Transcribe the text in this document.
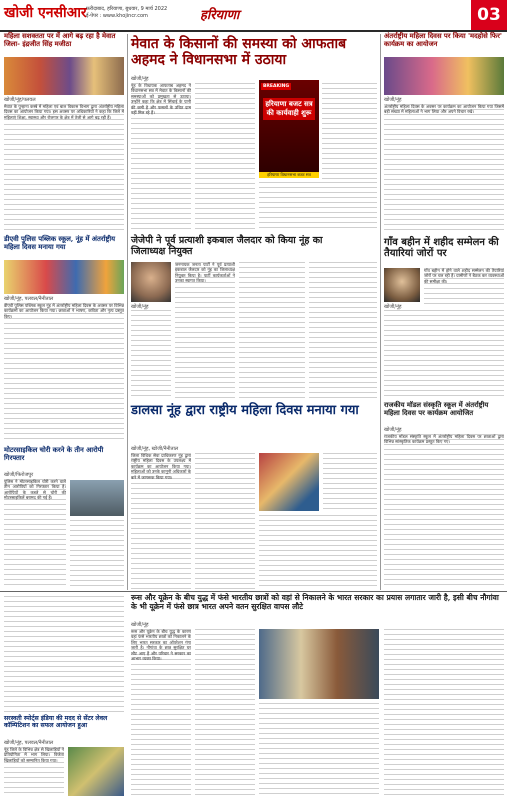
खोजी एनसीआर फरीदाबाद, हरियाणा, बुधवार, 9 मार्च 2022
ई-पेपर : www.khojincr.com	हरियाणा	03
महिला सशक्तता पर में आगे बढ़ रहा है मेवात जिला- इंद्रजीत सिंह मजीठा
खोजी/नूंह/पलवल
मेवात के पुन्हाना कस्बे में महिला एवं बाल विकास विभाग द्वारा अंतर्राष्ट्रीय महिला दिवस का आयोजन किया गया। इस अवसर पर अधिकारियों ने कहा कि जिले में महिलाएं शिक्षा, स्वास्थ्य और रोजगार के क्षेत्र में तेजी से आगे बढ़ रही हैं।
डीएवी पुलिस पब्लिक स्कूल, नूंह में अंतर्राष्ट्रीय महिला दिवस मनाया गया
खोजी/नूंह, पलवल/नैनीताल
डीएवी पुलिस पब्लिक स्कूल नूंह में अंतर्राष्ट्रीय महिला दिवस के अवसर पर विभिन्न कार्यक्रमों का आयोजन किया गया। छात्राओं ने भाषण, कविता और नृत्य प्रस्तुत किए।
मोटरसाइकिल चोरी करने के तीन आरोपी गिरफ्तार
खोजी/फिरोजपुर
पुलिस ने मोटरसाइकिल चोरी करने वाले तीन आरोपियों को गिरफ्तार किया है। आरोपियों के कब्जे से चोरी की मोटरसाइकिलें बरामद की गई हैं।
मेवात के किसानों की समस्या को आफताब अहमद ने विधानसभा में उठाया
खोजी/नूंह
नूंह के विधायक आफताब अहमद ने विधानसभा सत्र में मेवात के किसानों की समस्याओं को प्रमुखता से उठाया। उन्होंने कहा कि क्षेत्र में सिंचाई के पानी की कमी है और फसलों के उचित दाम नहीं मिल रहे हैं।
BREAKING
हरियाणा बजट सत्र की कार्यवाही शुरू
हरियाणा विधानसभा बजट सत्र
जेजेपी ने पूर्व प्रत्याशी इकबाल जैलदार को किया नूंह का जिलाध्यक्ष नियुक्त
खोजी/नूंह
जननायक जनता पार्टी ने पूर्व प्रत्याशी इकबाल जैलदार को नूंह का जिलाध्यक्ष नियुक्त किया है। पार्टी कार्यकर्ताओं ने उनका स्वागत किया।
डालसा नूंह द्वारा राष्ट्रीय महिला दिवस मनाया गया
खोजी/नूंह, खोजी/नैनीताल
जिला विधिक सेवा प्राधिकरण नूंह द्वारा राष्ट्रीय महिला दिवस के उपलक्ष्य में कार्यक्रम का आयोजन किया गया। महिलाओं को उनके कानूनी अधिकारों के बारे में जागरूक किया गया।
अंतर्राष्ट्रीय महिला दिवस पर किया 'मदहोसे फिर' कार्यक्रम का आयोजन
खोजी/नूंह
अंतर्राष्ट्रीय महिला दिवस के अवसर पर कार्यक्रम का आयोजन किया गया जिसमें बड़ी संख्या में महिलाओं ने भाग लिया और अपने विचार रखे।
गाँव बहीन में शहीद सम्मेलन की तैयारियां जोरों पर
खोजी/नूंह
गाँव बहीन में होने वाले शहीद सम्मेलन की तैयारियां जोरों पर चल रही हैं। ग्रामीणों ने बैठक कर व्यवस्थाओं की समीक्षा की।
राजकीय मॉडल संस्कृति स्कूल में अंतर्राष्ट्रीय महिला दिवस पर कार्यक्रम आयोजित
खोजी/नूंह
राजकीय मॉडल संस्कृति स्कूल में अंतर्राष्ट्रीय महिला दिवस पर छात्राओं द्वारा विभिन्न सांस्कृतिक कार्यक्रम प्रस्तुत किए गए।
रूस और यूक्रेन के बीच युद्ध में फंसे भारतीय छात्रों को वहां से निकालने के भारत सरकार का प्रयास लगातार जारी है, इसी बीच नौगांवा के भी यूक्रेन में फंसे छात्र भारत अपने वतन सुरक्षित वापस लौटे
खोजी/नूंह
रूस और यूक्रेन के बीच युद्ध के कारण वहां फंसे भारतीय छात्रों को निकालने के लिए भारत सरकार का ऑपरेशन गंगा जारी है। नौगांवा के छात्र सुरक्षित घर लौट आए हैं और परिवार ने सरकार का आभार व्यक्त किया।
सरस्वती स्पोर्ट्स इंडिया की मदद से सेंटर लेवल कॉम्पिटिशन का सफल आयोजन हुआ
खोजी/नूंह, पलवल/नैनीताल
नूंह जिले के विभिन्न क्षेत्र से खिलाड़ियों ने प्रतियोगिता में भाग लिया। विजेता खिलाड़ियों को सम्मानित किया गया।
